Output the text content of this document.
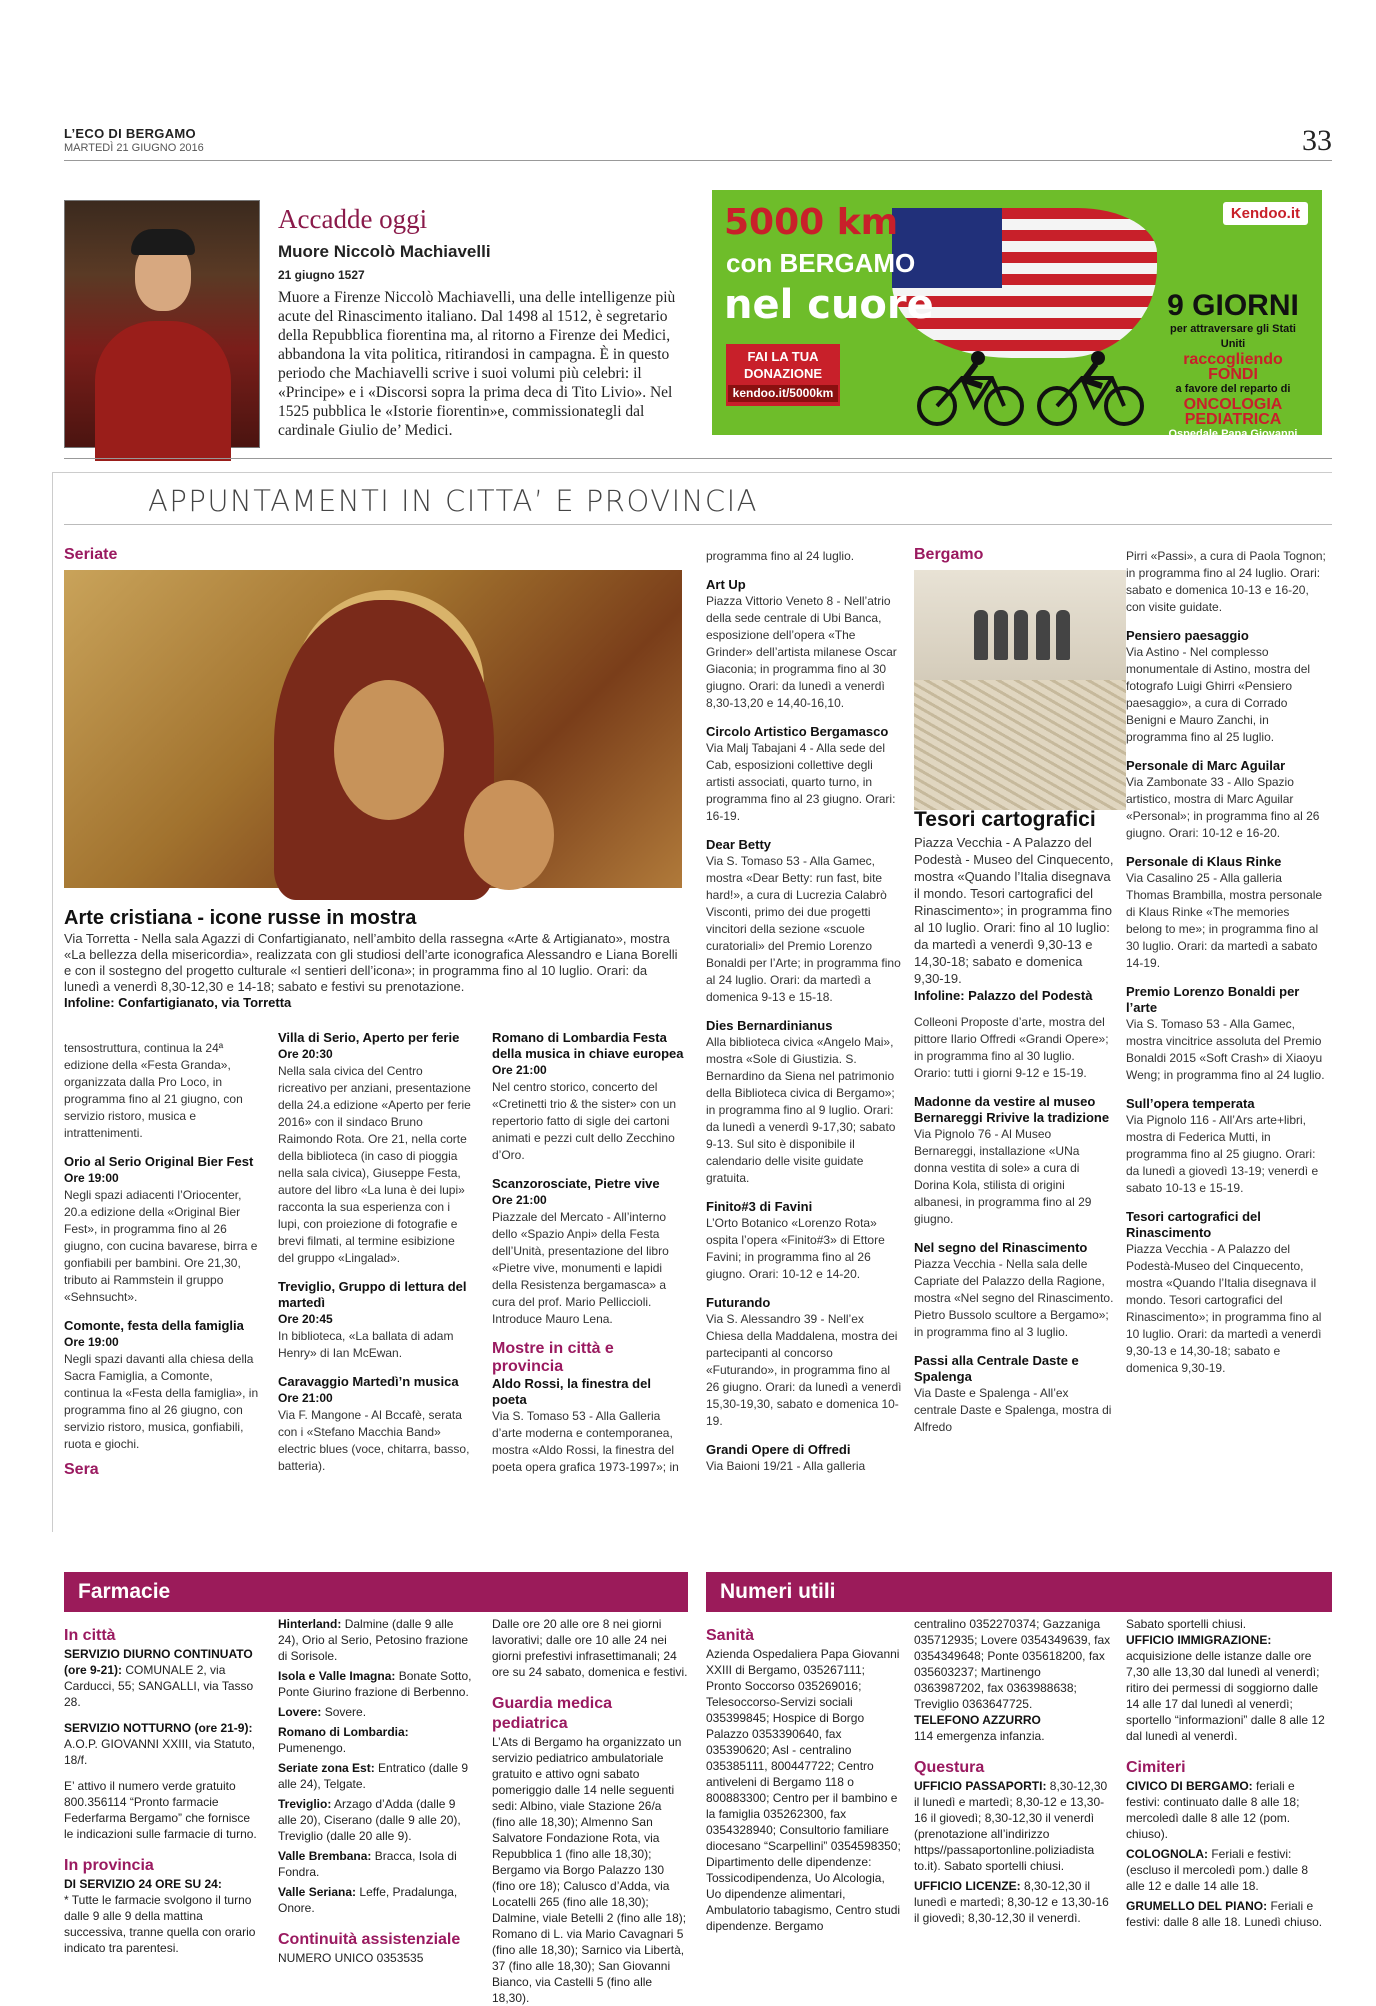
L’ECO DI BERGAMO
MARTEDÌ 21 GIUGNO 2016	33
Accadde oggi
Muore Niccolò Machiavelli
21 giugno 1527
Muore a Firenze Niccolò Machiavelli, una delle intelligenze più acute del Rinascimento italiano. Dal 1498 al 1512, è segretario della Repubblica fiorentina ma, al ritorno a Firenze dei Medici, abbandona la vita politica, ritirandosi in campagna. È in questo periodo che Machiavelli scrive i suoi volumi più celebri: il «Principe» e i «Discorsi sopra la prima deca di Tito Livio». Nel 1525 pubblica le «Istorie fiorentin»e, commissionategli dal cardinale Giulio de’ Medici.
5000 km
con BERGAMO
nel cuore
FAI LA TUA DONAZIONE
kendoo.it/5000km
Kendoo.it
9 GIORNI
per attraversare gli Stati Uniti
raccogliendo FONDI
a favore del reparto di
ONCOLOGIA PEDIATRICA
Ospedale Papa Giovanni XXIII - BG
APPUNTAMENTI IN CITTA’ E PROVINCIA
Seriate
Arte cristiana - icone russe in mostra
Via Torretta - Nella sala Agazzi di Confartigianato, nell’ambito della rassegna «Arte & Artigianato», mostra «La bellezza della misericordia», realizzata con gli studiosi dell’arte iconografica Alessandro e Liana Borelli e con il sostegno del progetto culturale «I sentieri dell’icona»; in programma fino al 10 luglio. Orari: da lunedì a venerdì 8,30-12,30 e 14-18; sabato e festivi su prenotazione.
Infoline: Confartigianato, via Torretta
tensostruttura, continua la 24ª edizione della «Festa Granda», organizzata dalla Pro Loco, in programma fino al 21 giugno, con servizio ristoro, musica e intrattenimenti.
Orio al Serio Original Bier Fest
Ore 19:00
Negli spazi adiacenti l’Oriocenter, 20.a edizione della «Original Bier Fest», in programma fino al 26 giugno, con cucina bavarese, birra e gonfiabili per bambini. Ore 21,30, tributo ai Rammstein il gruppo «Sehnsucht».
Comonte, festa della famiglia
Ore 19:00
Negli spazi davanti alla chiesa della Sacra Famiglia, a Comonte, continua la «Festa della famiglia», in programma fino al 26 giugno, con servizio ristoro, musica, gonfiabili, ruota e giochi.
Sera
Villa di Serio, Aperto per ferie
Ore 20:30
Nella sala civica del Centro ricreativo per anziani, presentazione della 24.a edizione «Aperto per ferie 2016» con il sindaco Bruno Raimondo Rota. Ore 21, nella corte della biblioteca (in caso di pioggia nella sala civica), Giuseppe Festa, autore del libro «La luna è dei lupi» racconta la sua esperienza con i lupi, con proiezione di fotografie e brevi filmati, al termine esibizione del gruppo «Lingalad».
Treviglio, Gruppo di lettura del martedì
Ore 20:45
In biblioteca, «La ballata di adam Henry» di Ian McEwan.
Caravaggio Martedì’n musica
Ore 21:00
Via F. Mangone - Al Bccafè, serata con i «Stefano Macchia Band» electric blues (voce, chitarra, basso, batteria).
Romano di Lombardia Festa della musica in chiave europea
Ore 21:00
Nel centro storico, concerto del «Cretinetti trio & the sister» con un repertorio fatto di sigle dei cartoni animati e pezzi cult dello Zecchino d’Oro.
Scanzorosciate, Pietre vive
Ore 21:00
Piazzale del Mercato - All’interno dello «Spazio Anpi» della Festa dell’Unità, presentazione del libro «Pietre vive, monumenti e lapidi della Resistenza bergamasca» a cura del prof. Mario Pelliccioli. Introduce Mauro Lena.
Mostre in città e provincia
Aldo Rossi, la finestra del poeta
Via S. Tomaso 53 - Alla Galleria d’arte moderna e contemporanea, mostra «Aldo Rossi, la finestra del poeta opera grafica 1973-1997»; in
programma fino al 24 luglio.
Art Up
Piazza Vittorio Veneto 8 - Nell’atrio della sede centrale di Ubi Banca, esposizione dell’opera «The Grinder» dell’artista milanese Oscar Giaconia; in programma fino al 30 giugno. Orari: da lunedì a venerdì 8,30-13,20 e 14,40-16,10.
Circolo Artistico Bergamasco
Via Malj Tabajani 4 - Alla sede del Cab, esposizioni collettive degli artisti associati, quarto turno, in programma fino al 23 giugno. Orari: 16-19.
Dear Betty
Via S. Tomaso 53 - Alla Gamec, mostra «Dear Betty: run fast, bite hard!», a cura di Lucrezia Calabrò Visconti, primo dei due progetti vincitori della sezione «scuole curatoriali» del Premio Lorenzo Bonaldi per l’Arte; in programma fino al 24 luglio. Orari: da martedì a domenica 9-13 e 15-18.
Dies Bernardinianus
Alla biblioteca civica «Angelo Mai», mostra «Sole di Giustizia. S. Bernardino da Siena nel patrimonio della Biblioteca civica di Bergamo»; in programma fino al 9 luglio. Orari: da lunedì a venerdì 9-17,30; sabato 9-13. Sul sito è disponibile il calendario delle visite guidate gratuita.
Finito#3 di Favini
L’Orto Botanico «Lorenzo Rota» ospita l’opera «Finito#3» di Ettore Favini; in programma fino al 26 giugno. Orari: 10-12 e 14-20.
Futurando
Via S. Alessandro 39 - Nell’ex Chiesa della Maddalena, mostra dei partecipanti al concorso «Futurando», in programma fino al 26 giugno. Orari: da lunedì a venerdì 15,30-19,30, sabato e domenica 10-19.
Grandi Opere di Offredi
Via Baioni 19/21 - Alla galleria
Bergamo
Tesori cartografici
Piazza Vecchia - A Palazzo del Podestà - Museo del Cinquecento, mostra «Quando l’Italia disegnava il mondo. Tesori cartografici del Rinascimento»; in programma fino al 10 luglio. Orari: fino al 10 luglio: da martedì a venerdì 9,30-13 e 14,30-18; sabato e domenica 9,30-19.
Infoline: Palazzo del Podestà
Colleoni Proposte d’arte, mostra del pittore Ilario Offredi «Grandi Opere»; in programma fino al 30 luglio. Orario: tutti i giorni 9-12 e 15-19.
Madonne da vestire al museo Bernareggi Rrivive la tradizione
Via Pignolo 76 - Al Museo Bernareggi, installazione «UNa donna vestita di sole» a cura di Dorina Kola, stilista di origini albanesi, in programma fino al 29 giugno.
Nel segno del Rinascimento
Piazza Vecchia - Nella sala delle Capriate del Palazzo della Ragione, mostra «Nel segno del Rinascimento. Pietro Bussolo scultore a Bergamo»; in programma fino al 3 luglio.
Passi alla Centrale Daste e Spalenga
Via Daste e Spalenga - All’ex centrale Daste e Spalenga, mostra di Alfredo
Pirri «Passi», a cura di Paola Tognon; in programma fino al 24 luglio. Orari: sabato e domenica 10-13 e 16-20, con visite guidate.
Pensiero paesaggio
Via Astino - Nel complesso monumentale di Astino, mostra del fotografo Luigi Ghirri «Pensiero paesaggio», a cura di Corrado Benigni e Mauro Zanchi, in programma fino al 25 luglio.
Personale di Marc Aguilar
Via Zambonate 33 - Allo Spazio artistico, mostra di Marc Aguilar «Personal»; in programma fino al 26 giugno. Orari: 10-12 e 16-20.
Personale di Klaus Rinke
Via Casalino 25 - Alla galleria Thomas Brambilla, mostra personale di Klaus Rinke «The memories belong to me»; in programma fino al 30 luglio. Orari: da martedì a sabato 14-19.
Premio Lorenzo Bonaldi per l’arte
Via S. Tomaso 53 - Alla Gamec, mostra vincitrice assoluta del Premio Bonaldi 2015 «Soft Crash» di Xiaoyu Weng; in programma fino al 24 luglio.
Sull’opera temperata
Via Pignolo 116 - All’Ars arte+libri, mostra di Federica Mutti, in programma fino al 25 giugno. Orari: da lunedì a giovedì 13-19; venerdì e sabato 10-13 e 15-19.
Tesori cartografici del Rinascimento
Piazza Vecchia - A Palazzo del Podestà-Museo del Cinquecento, mostra «Quando l’Italia disegnava il mondo. Tesori cartografici del Rinascimento»; in programma fino al 10 luglio. Orari: da martedì a venerdì 9,30-13 e 14,30-18; sabato e domenica 9,30-19.
Farmacie
In città
SERVIZIO DIURNO CONTINUATO (ore 9-21): COMUNALE 2, via Carducci, 55; SANGALLI, via Tasso 28.
SERVIZIO NOTTURNO (ore 21-9): A.O.P. GIOVANNI XXIII, via Statuto, 18/f.
E’ attivo il numero verde gratuito 800.356114 “Pronto farmacie Federfarma Bergamo” che fornisce le indicazioni sulle farmacie di turno.
In provincia
DI SERVIZIO 24 ORE SU 24:
* Tutte le farmacie svolgono il turno dalle 9 alle 9 della mattina successiva, tranne quella con orario indicato tra parentesi.
Hinterland: Dalmine (dalle 9 alle 24), Orio al Serio, Petosino frazione di Sorisole.
Isola e Valle Imagna: Bonate Sotto, Ponte Giurino frazione di Berbenno.
Lovere: Sovere.
Romano di Lombardia: Pumenengo.
Seriate zona Est: Entratico (dalle 9 alle 24), Telgate.
Treviglio: Arzago d’Adda (dalle 9 alle 20), Ciserano (dalle 9 alle 20), Treviglio (dalle 20 alle 9).
Valle Brembana: Bracca, Isola di Fondra.
Valle Seriana: Leffe, Pradalunga, Onore.
Continuità assistenziale
NUMERO UNICO 0353535
Dalle ore 20 alle ore 8 nei giorni lavorativi; dalle ore 10 alle 24 nei giorni prefestivi infrasettimanali; 24 ore su 24 sabato, domenica e festivi.
Guardia medica pediatrica
L’Ats di Bergamo ha organizzato un servizio pediatrico ambulatoriale gratuito e attivo ogni sabato pomeriggio dalle 14 nelle seguenti sedi: Albino, viale Stazione 26/a (fino alle 18,30); Almenno San Salvatore Fondazione Rota, via Repubblica 1 (fino alle 18,30); Bergamo via Borgo Palazzo 130 (fino ore 18); Calusco d’Adda, via Locatelli 265 (fino alle 18,30); Dalmine, viale Betelli 2 (fino alle 18); Romano di L. via Mario Cavagnari 5 (fino alle 18,30); Sarnico via Libertà, 37 (fino alle 18,30); San Giovanni Bianco, via Castelli 5 (fino alle 18,30).
Numeri utili
Sanità
Azienda Ospedaliera Papa Giovanni XXIII di Bergamo, 035267111; Pronto Soccorso 035269016; Telesoccorso-Servizi sociali 035399845; Hospice di Borgo Palazzo 0353390640, fax 035390620; Asl - centralino 035385111, 800447722; Centro antiveleni di Bergamo 118 o 800883300; Centro per il bambino e la famiglia 035262300, fax 0354328940; Consultorio familiare diocesano “Scarpellini” 0354598350; Dipartimento delle dipendenze: Tossicodipendenza, Uo Alcologia, Uo dipendenze alimentari, Ambulatorio tabagismo, Centro studi dipendenze. Bergamo
centralino 0352270374; Gazzaniga 035712935; Lovere 0354349639, fax 0354349648; Ponte 035618200, fax 035603237; Martinengo 0363987202, fax 0363988638; Treviglio 0363647725.
TELEFONO AZZURRO
114 emergenza infanzia.
Questura
UFFICIO PASSAPORTI: 8,30-12,30 il lunedì e martedì; 8,30-12 e 13,30-16 il giovedì; 8,30-12,30 il venerdì (prenotazione all’indirizzo https//passaportonline.poliziadista to.it). Sabato sportelli chiusi.
UFFICIO LICENZE: 8,30-12,30 il lunedì e martedì; 8,30-12 e 13,30-16 il giovedì; 8,30-12,30 il venerdì.
Sabato sportelli chiusi.
UFFICIO IMMIGRAZIONE: acquisizione delle istanze dalle ore 7,30 alle 13,30 dal lunedì al venerdì; ritiro dei permessi di soggiorno dalle 14 alle 17 dal lunedì al venerdì; sportello “informazioni” dalle 8 alle 12 dal lunedì al venerdì.
Cimiteri
CIVICO DI BERGAMO: feriali e festivi: continuato dalle 8 alle 18; mercoledì dalle 8 alle 12 (pom. chiuso).
COLOGNOLA: Feriali e festivi: (escluso il mercoledì pom.) dalle 8 alle 12 e dalle 14 alle 18.
GRUMELLO DEL PIANO: Feriali e festivi: dalle 8 alle 18. Lunedì chiuso.
